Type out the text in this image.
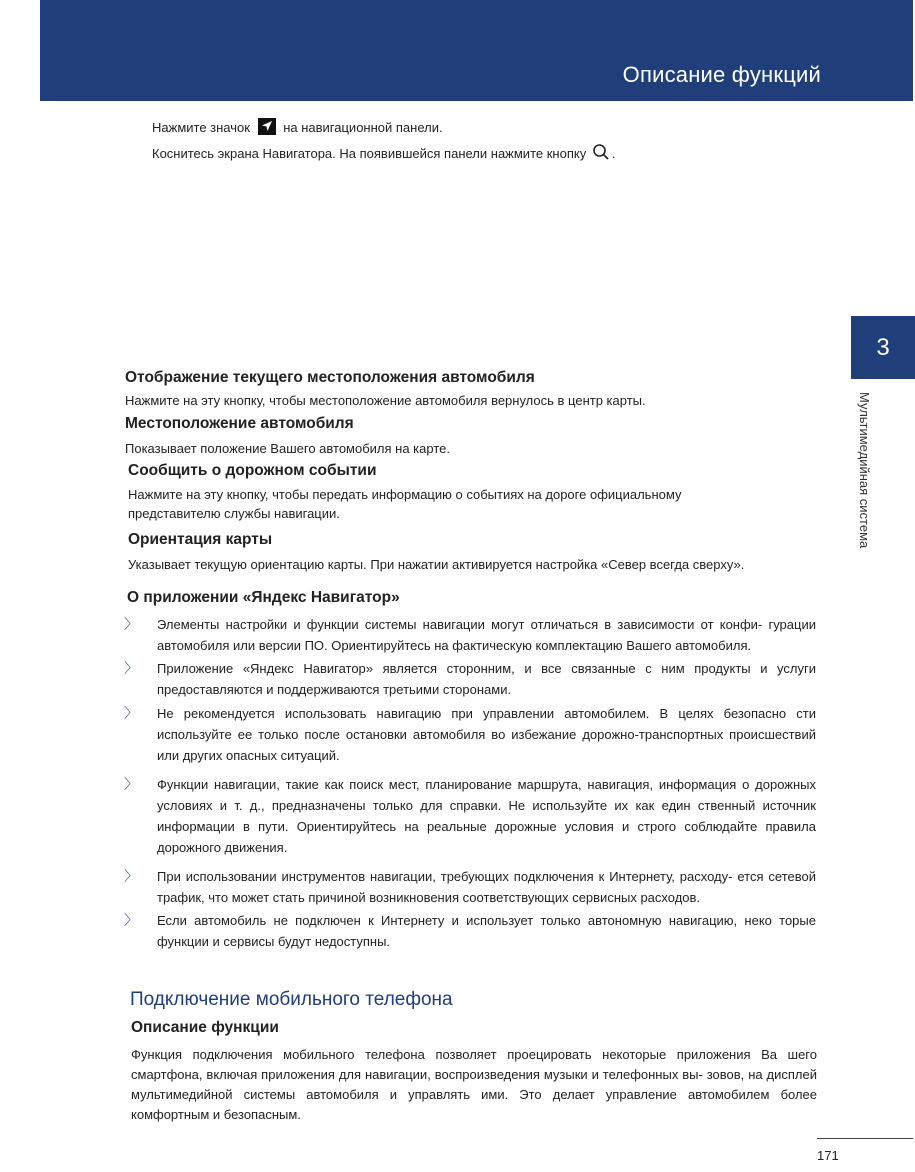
Описание функций
3
Мультимедийная система
Нажмите значок	на навигационной панели.
Коснитесь экрана Навигатора. На появившейся панели нажмите кнопку .
Отображение текущего местоположения автомобиля
Нажмите на эту кнопку, чтобы местоположение автомобиля вернулось в центр карты.
Местоположение автомобиля
Показывает положение Вашего автомобиля на карте.
Сообщить о дорожном событии
Нажмите на эту кнопку, чтобы передать информацию о событиях на дороге официальному представителю службы навигации.
Ориентация карты
Указывает текущую ориентацию карты. При нажатии активируется настройка «Север всегда сверху».
О приложении «Яндекс Навигатор»
〉 Элементы настройки и функции системы навигации могут отличаться в зависимости от конфи- гурации автомобиля или версии ПО. Ориентируйтесь на фактическую комплектацию Вашего автомобиля.
〉 Приложение «Яндекс Навигатор» является сторонним, и все связанные с ним продукты и услуги предоставляются и поддерживаются третьими сторонами.
〉 Не рекомендуется использовать навигацию при управлении автомобилем. В целях безопасно сти используйте ее только после остановки автомобиля во избежание дорожно-транспортных происшествий или других опасных ситуаций.
〉 Функции навигации, такие как поиск мест, планирование маршрута, навигация, информация о дорожных условиях и т. д., предназначены только для справки. Не используйте их как един ственный источник информации в пути. Ориентируйтесь на реальные дорожные условия и строго соблюдайте правила дорожного движения.
〉 При использовании инструментов навигации, требующих подключения к Интернету, расходу- ется сетевой трафик, что может стать причиной возникновения соответствующих сервисных расходов.
〉 Если автомобиль не подключен к Интернету и использует только автономную навигацию, неко торые функции и сервисы будут недоступны.
Подключение мобильного телефона
Описание функции
Функция подключения мобильного телефона позволяет проецировать некоторые приложения Ва шего смартфона, включая приложения для навигации, воспроизведения музыки и телефонных вы- зовов, на дисплей мультимедийной системы автомобиля и управлять ими. Это делает управление автомобилем более комфортным и безопасным.
171
